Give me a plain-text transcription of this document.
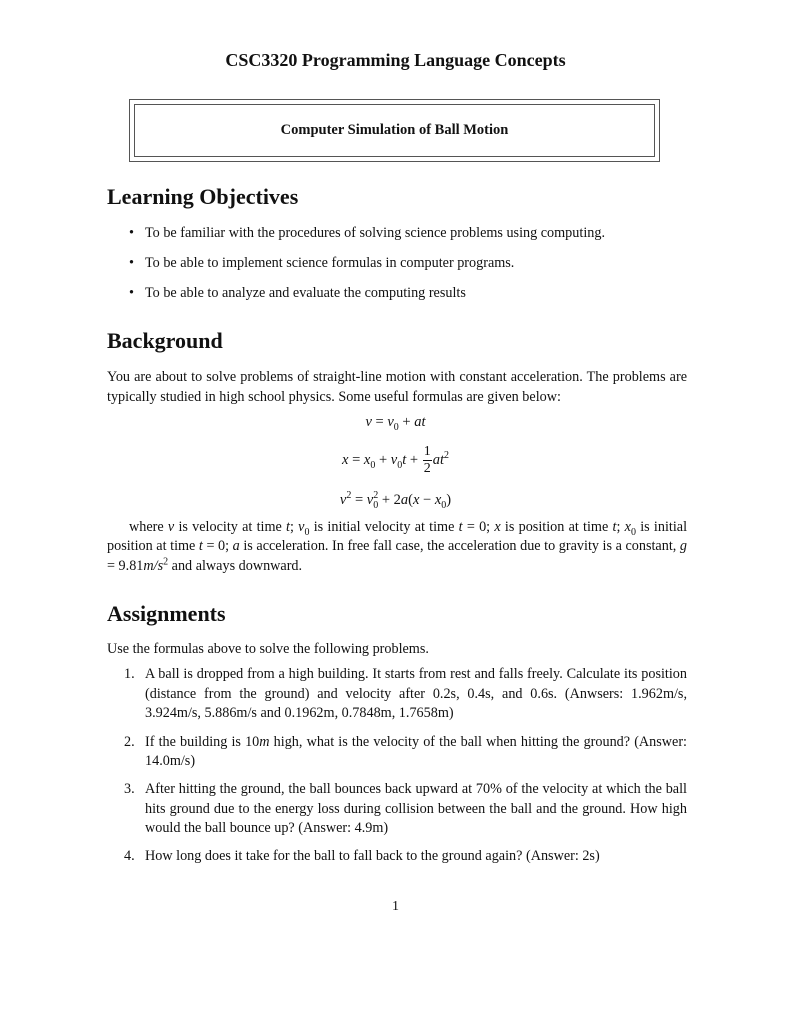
CSC3320 Programming Language Concepts
Computer Simulation of Ball Motion
Learning Objectives
• To be familiar with the procedures of solving science problems using computing.
• To be able to implement science formulas in computer programs.
• To be able to analyze and evaluate the computing results
Background
You are about to solve problems of straight-line motion with constant acceleration. The problems are typically studied in high school physics. Some useful formulas are given below:
$v = v_0$ + at
$x = x_0 + v_0t + \frac{1}{2} at^2$
$v^2 = v$ 2
$0 + 2a(x - x_0)$
where v is velocity at time t; $v_0$ is initial velocity at time t = 0; x is position at time t; $x_0$ is initial position at time t = 0; a is acceleration. In free fall case, the acceleration due to gravity is a constant, $g = 9.81m/s^2$ and always downward.
Assignments
Use the formulas above to solve the following problems.
1. A ball is dropped from a high building. It starts from rest and falls freely. Calculate its position (distance from the ground) and velocity after 0.2s, 0.4s, and 0.6s. (Anwsers: 1.962m/s, 3.924m/s, 5.886m/s and 0.1962m, 0.7848m, 1.7658m)
2. If the building is 10m high, what is the velocity of the ball when hitting the ground? (Answer: 14.0m/s)
3. After hitting the ground, the ball bounces back upward at 70% of the velocity at which the ball hits ground due to the energy loss during collision between the ball and the ground. How high would the ball bounce up? (Answer: 4.9m)
4. How long does it take for the ball to fall back to the ground again? (Answer: 2s)
1
